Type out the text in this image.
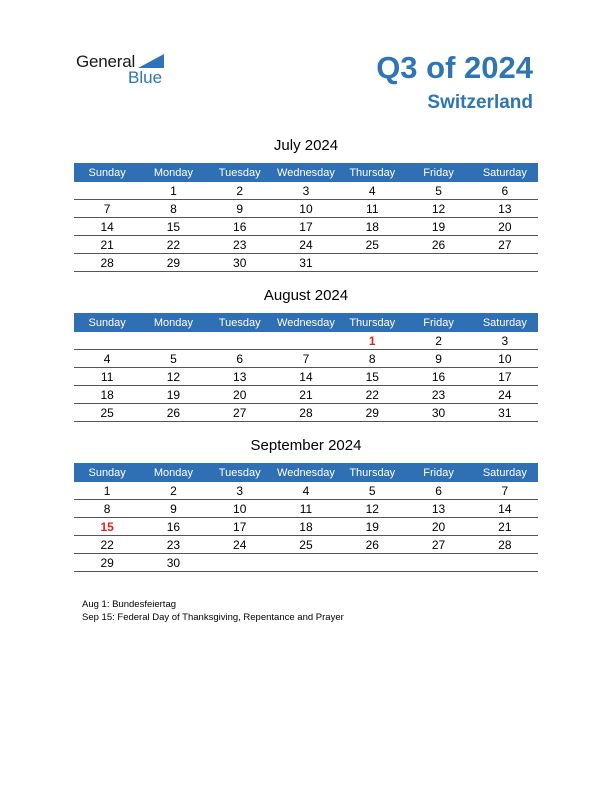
General
Blue	Q3 of 2024
Switzerland
July 2024
Sunday	Monday	Tuesday	Wednesday	Thursday	Friday	Saturday
	1	2	3	4	5	6
7	8	9	10	11	12	13
14	15	16	17	18	19	20
21	22	23	24	25	26	27
28	29	30	31			
August 2024
Sunday	Monday	Tuesday	Wednesday	Thursday	Friday	Saturday
				1	2	3
4	5	6	7	8	9	10
11	12	13	14	15	16	17
18	19	20	21	22	23	24
25	26	27	28	29	30	31
September 2024
Sunday	Monday	Tuesday	Wednesday	Thursday	Friday	Saturday
1	2	3	4	5	6	7
8	9	10	11	12	13	14
15	16	17	18	19	20	21
22	23	24	25	26	27	28
29	30					
Aug 1: Bundesfeiertag
Sep 15: Federal Day of Thanksgiving, Repentance and Prayer
